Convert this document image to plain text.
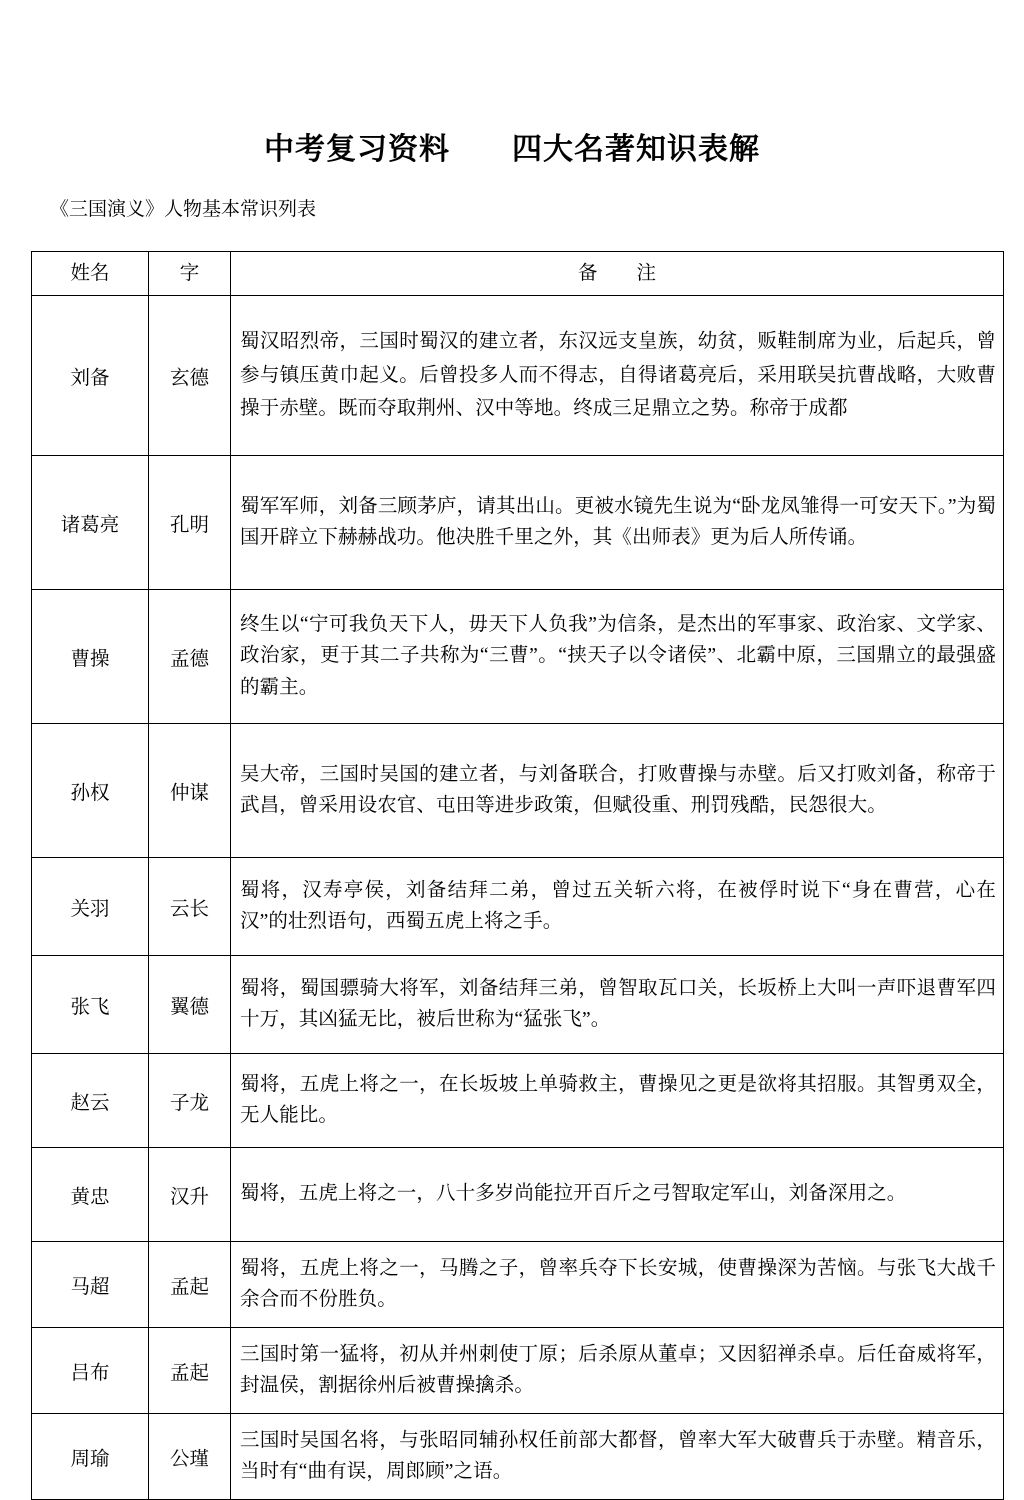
中考复习资料　　四大名著知识表解

《三国演义》人物基本常识列表

姓名	字	备　　注
刘备	玄德	蜀汉昭烈帝，三国时蜀汉的建立者，东汉远支皇族，幼贫，贩鞋制席为业，后起兵，曾参与镇压黄巾起义。后曾投多人而不得志，自得诸葛亮后，采用联吴抗曹战略，大败曹操于赤壁。既而夺取荆州、汉中等地。终成三足鼎立之势。称帝于成都
诸葛亮	孔明	蜀军军师，刘备三顾茅庐，请其出山。更被水镜先生说为“卧龙凤雏得一可安天下。”为蜀国开辟立下赫赫战功。他决胜千里之外，其《出师表》更为后人所传诵。
曹操	孟德	终生以“宁可我负天下人，毋天下人负我”为信条，是杰出的军事家、政治家、文学家、政治家，更于其二子共称为“三曹”。“挟天子以令诸侯”、北霸中原，三国鼎立的最强盛的霸主。
孙权	仲谋	吴大帝，三国时吴国的建立者，与刘备联合，打败曹操与赤壁。后又打败刘备，称帝于武昌，曾采用设农官、屯田等进步政策，但赋役重、刑罚残酷，民怨很大。
关羽	云长	蜀将，汉寿亭侯，刘备结拜二弟，曾过五关斩六将，在被俘时说下“身在曹营，心在汉”的壮烈语句，西蜀五虎上将之手。
张飞	翼德	蜀将，蜀国骠骑大将军，刘备结拜三弟，曾智取瓦口关，长坂桥上大叫一声吓退曹军四十万，其凶猛无比，被后世称为“猛张飞”。
赵云	子龙	蜀将，五虎上将之一，在长坂坡上单骑救主，曹操见之更是欲将其招服。其智勇双全，无人能比。
黄忠	汉升	蜀将，五虎上将之一，八十多岁尚能拉开百斤之弓智取定军山，刘备深用之。
马超	孟起	蜀将，五虎上将之一，马腾之子，曾率兵夺下长安城，使曹操深为苦恼。与张飞大战千余合而不份胜负。
吕布	孟起	三国时第一猛将，初从并州刺使丁原；后杀原从董卓；又因貂禅杀卓。后任奋威将军，封温侯，割据徐州后被曹操擒杀。
周瑜	公瑾	三国时吴国名将，与张昭同辅孙权任前部大都督，曾率大军大破曹兵于赤壁。精音乐，当时有“曲有误，周郎顾”之语。
